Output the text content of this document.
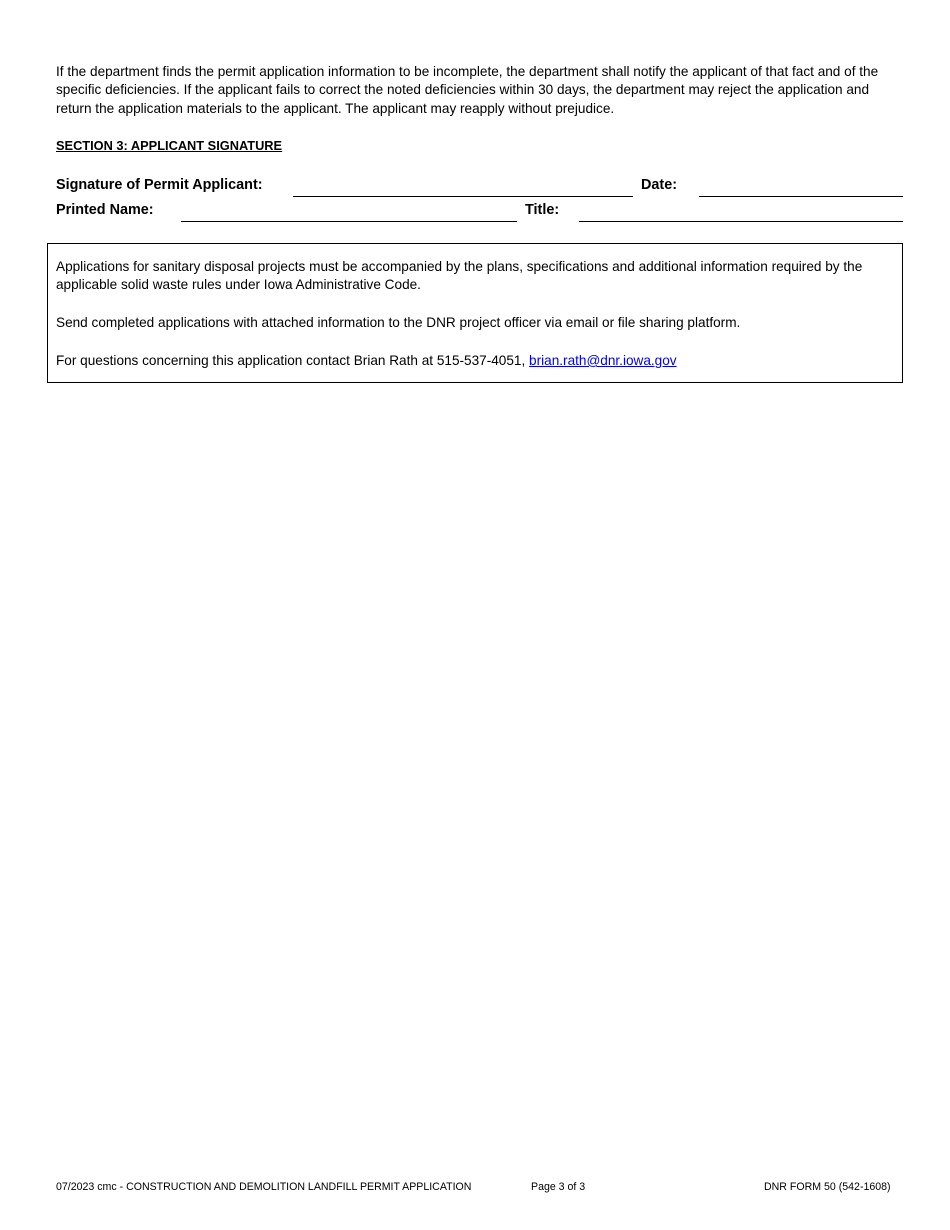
If the department finds the permit application information to be incomplete, the department shall notify the applicant of that fact and of the specific deficiencies. If the applicant fails to correct the noted deficiencies within 30 days, the department may reject the application and return the application materials to the applicant. The applicant may reapply without prejudice.
SECTION 3: APPLICANT SIGNATURE
Signature of Permit Applicant:	Date:
Printed Name:	Title:
Applications for sanitary disposal projects must be accompanied by the plans, specifications and additional information required by the applicable solid waste rules under Iowa Administrative Code.
Send completed applications with attached information to the DNR project officer via email or file sharing platform.
For questions concerning this application contact Brian Rath at 515-537-4051, brian.rath@dnr.iowa.gov
07/2023 cmc - CONSTRUCTION AND DEMOLITION LANDFILL PERMIT APPLICATION	Page 3 of 3	DNR FORM 50 (542-1608)
